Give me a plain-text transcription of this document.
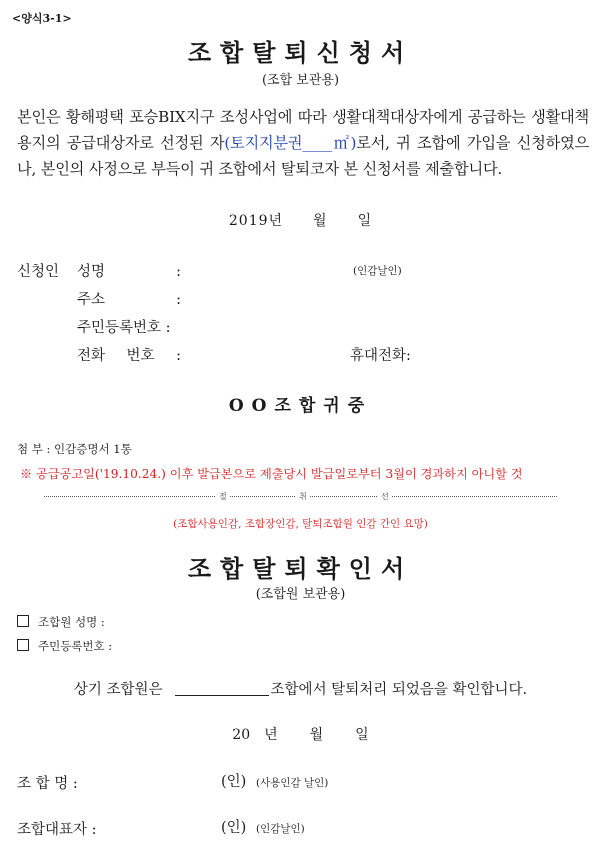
<양식3-1>
조합탈퇴신청서
(조합 보관용)
본인은 황해평택 포승BIX지구 조성사업에 따라 생활대책대상자에게 공급하는 생활대책용지의 공급대상자로 선정된 자(토지지분권____㎡)로서, 귀 조합에 가입을 신청하였으나, 본인의 사정으로 부득이 귀 조합에서 탈퇴코자 본 신청서를 제출합니다.
2019년 월 일
신청인 성명 :	(인감날인)
주소 :
주민등록번호 :
전화 번호 :	휴대전화:
OO조합귀중
첨 부 : 인감증명서 1통
※ 공급공고일('19.10.24.) 이후 발급본으로 제출당시 발급일로부터 3월이 경과하지 아니할 것
절	취	선
(조합사용인감, 조합장인감, 탈퇴조합원 인감 간인 요망)
조합탈퇴확인서
(조합원 보관용)
조합원 성명 :
주민등록번호 :
상기 조합원은	조합에서 탈퇴처리 되었음을 확인합니다.
20 년 월 일
조 합 명 :	(인) (사용인감 날인)
조합대표자 :	(인) (인감날인)
